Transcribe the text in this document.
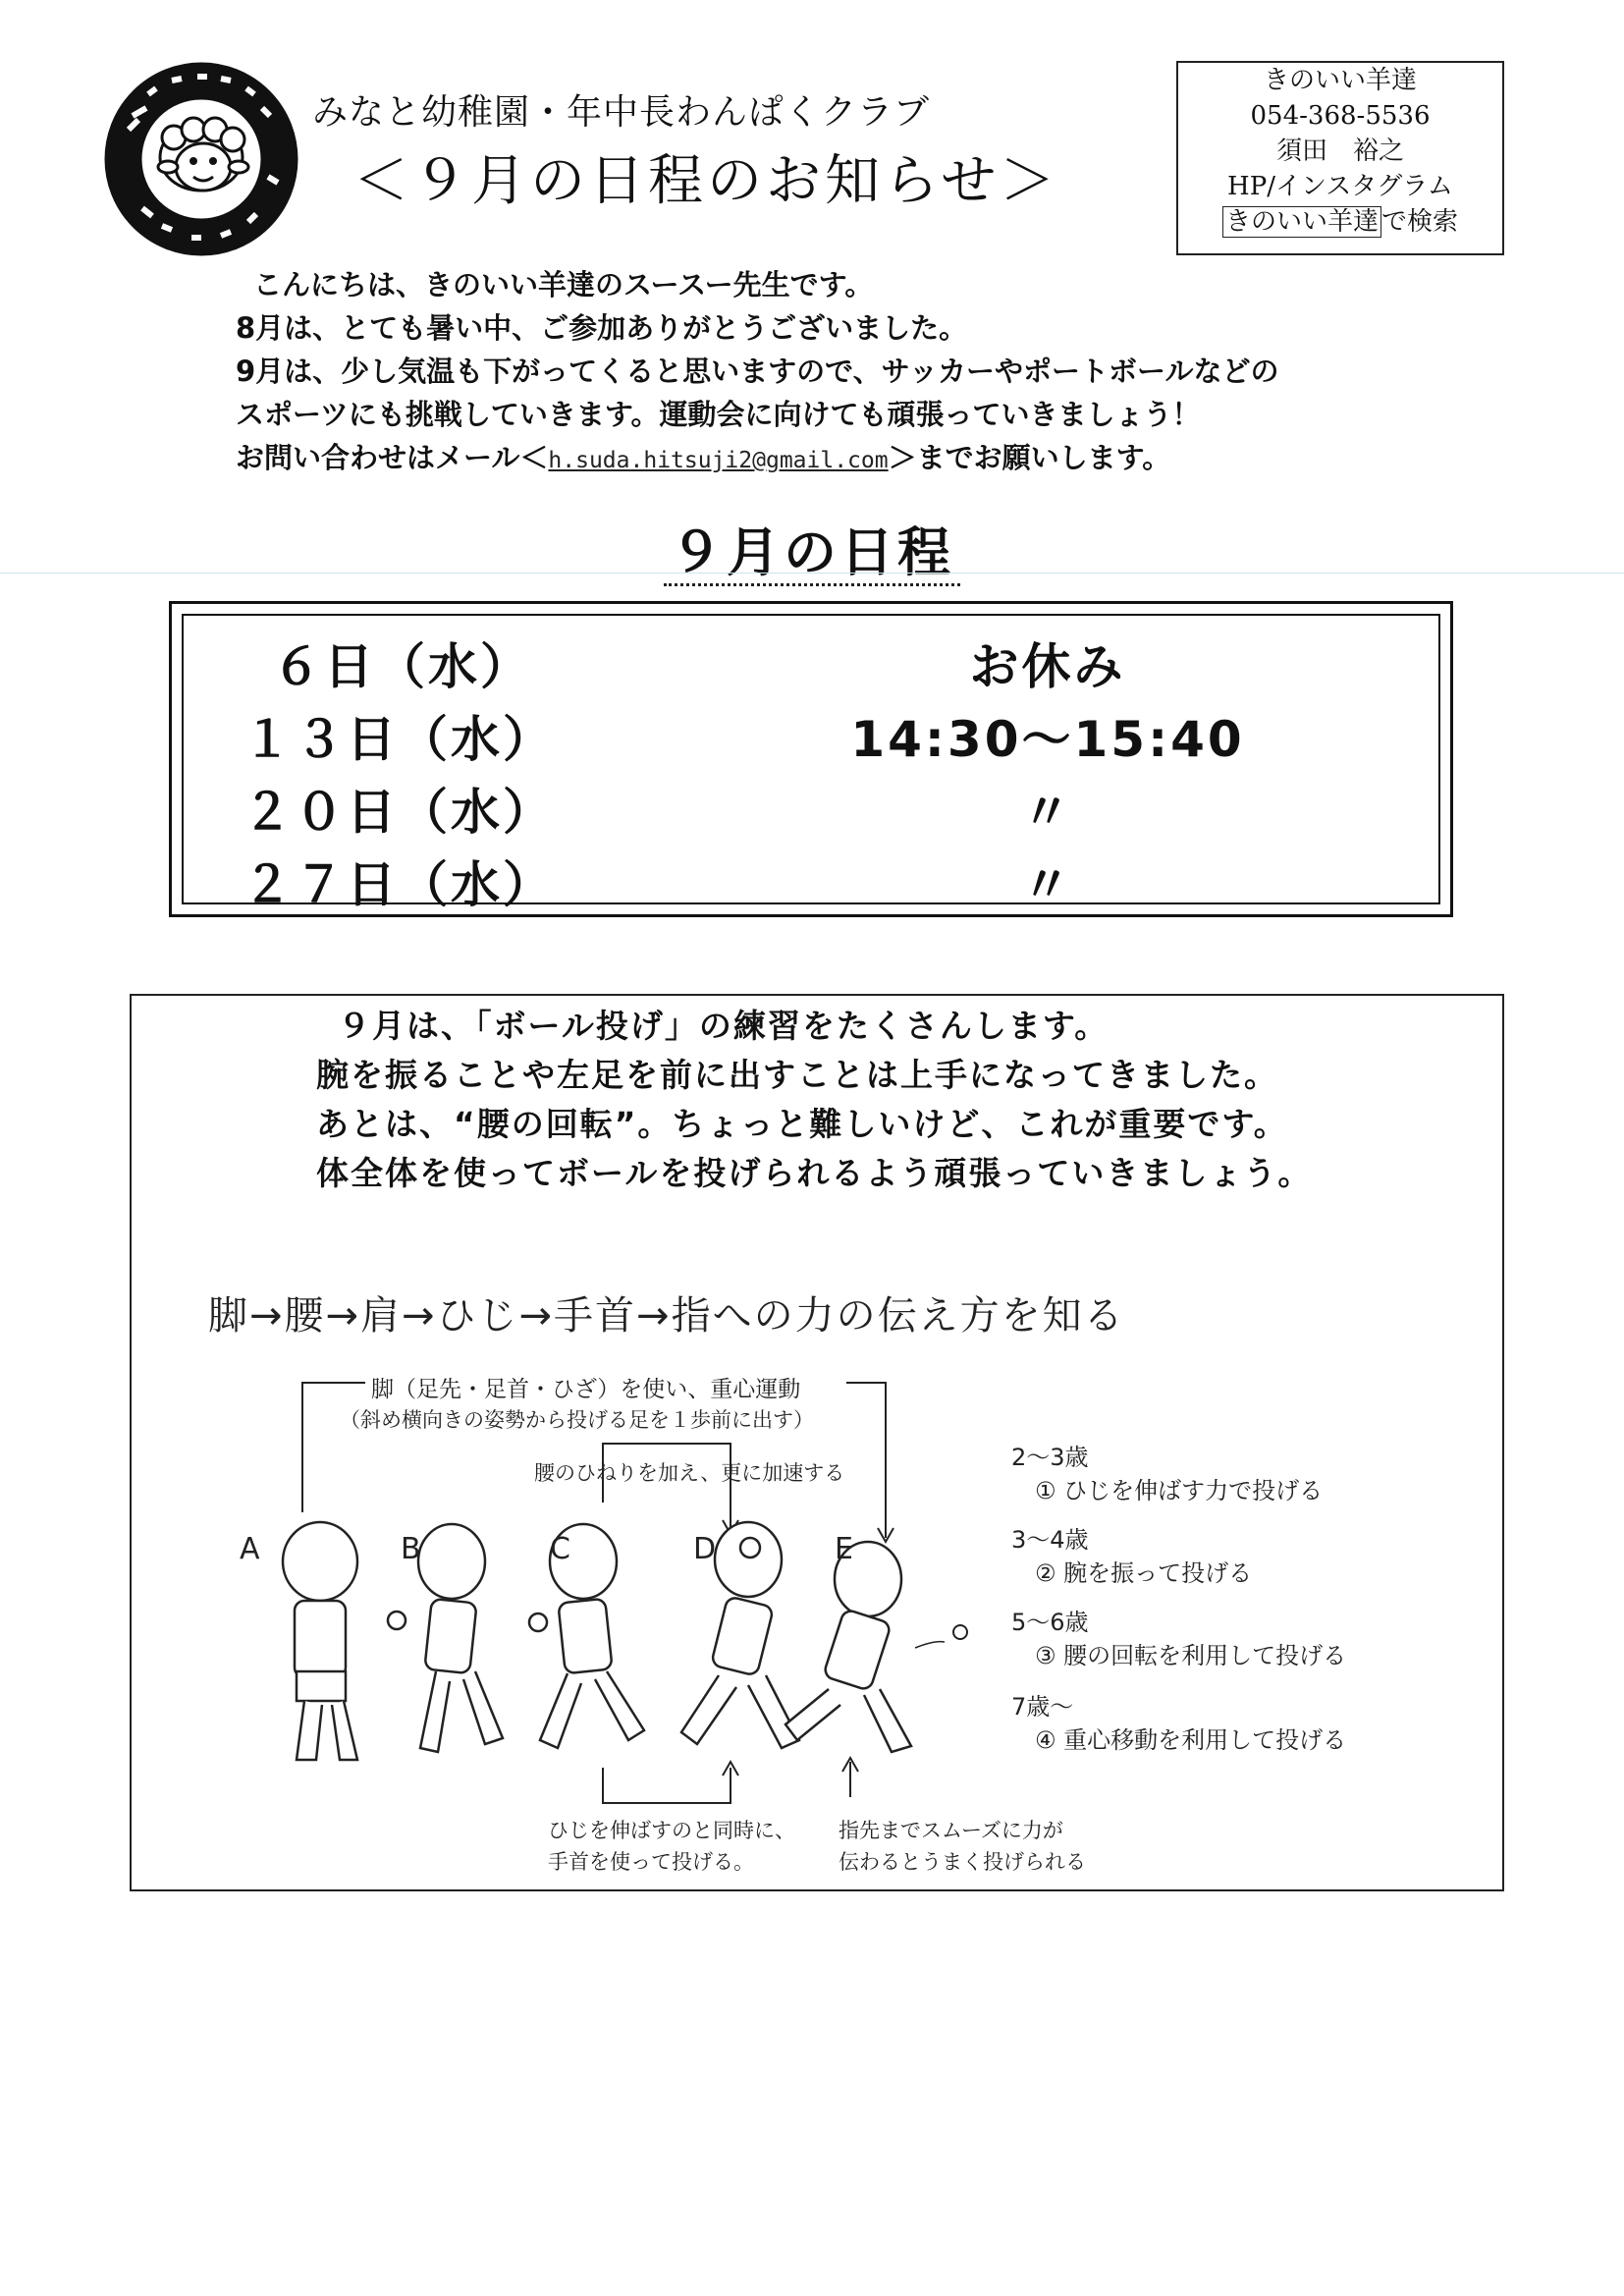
みなと幼稚園・年中長わんぱくクラブ
＜９月の日程のお知らせ＞
きのいい羊達
054-368-5536
須田　裕之
HP/インスタグラム
きのいい羊達 で検索
こんにちは、きのいい羊達のスースー先生です。
8月は、とても暑い中、ご参加ありがとうございました。
9月は、少し気温も下がってくると思いますので、サッカーやポートボールなどの
スポーツにも挑戦していきます。運動会に向けても頑張っていきましょう！
お問い合わせはメール＜h.suda.hitsuji2@gmail.com＞までお願いします。
９月の日程
６日（水）	お休み
１３日（水）	14:30～15:40
２０日（水）	〃
２７日（水）	〃
９月は、「ボール投げ」の練習をたくさんします。
腕を振ることや左足を前に出すことは上手になってきました。
あとは、“腰の回転”。ちょっと難しいけど、これが重要です。
体全体を使ってボールを投げられるよう頑張っていきましょう。
脚→腰→肩→ひじ→手首→指への力の伝え方を知る
脚（足先・足首・ひざ）を使い、重心運動
（斜め横向きの姿勢から投げる足を１歩前に出す）
腰のひねりを加え、更に加速する
ひじを伸ばすのと同時に、
手首を使って投げる。
指先までスムーズに力が
伝わるとうまく投げられる
A	B	C	D	E
2～3歳
① ひじを伸ばす力で投げる
3～4歳
② 腕を振って投げる
5～6歳
③ 腰の回転を利用して投げる
7歳～
④ 重心移動を利用して投げる
